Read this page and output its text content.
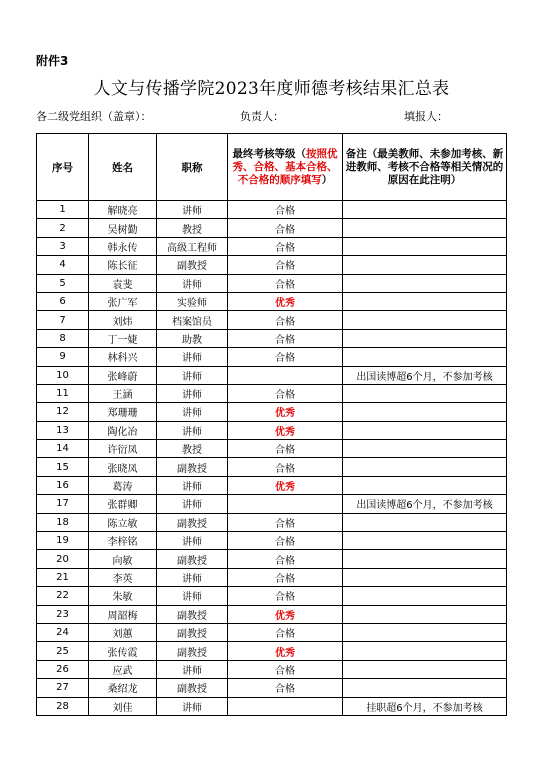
附件3
人文与传播学院2023年度师德考核结果汇总表
各二级党组织（盖章）：	负责人：	填报人：
序号	姓名	职称	最终考核等级（按照优秀、合格、基本合格、不合格的顺序填写）	备注（最美教师、未参加考核、新进教师、考核不合格等相关情况的原因在此注明）
1	解晓亮	讲师	合格	
2	吴树勤	教授	合格	
3	韩永传	高级工程师	合格	
4	陈长征	副教授	合格	
5	袁斐	讲师	合格	
6	张广军	实验师	优秀	
7	刘炜	档案馆员	合格	
8	丁一婕	助教	合格	
9	林科兴	讲师	合格	
10	张峰蔚	讲师		出国读博超6个月，不参加考核
11	王涵	讲师	合格	
12	郑珊珊	讲师	优秀	
13	陶化冶	讲师	优秀	
14	许衍凤	教授	合格	
15	张晓凤	副教授	合格	
16	葛涛	讲师	优秀	
17	张群卿	讲师		出国读博超6个月，不参加考核
18	陈立敏	副教授	合格	
19	李梓铭	讲师	合格	
20	向敏	副教授	合格	
21	李英	讲师	合格	
22	朱敏	讲师	合格	
23	周韶梅	副教授	优秀	
24	刘蕙	副教授	合格	
25	张传霞	副教授	优秀	
26	应武	讲师	合格	
27	桑绍龙	副教授	合格	
28	刘佳	讲师		挂职超6个月，不参加考核
